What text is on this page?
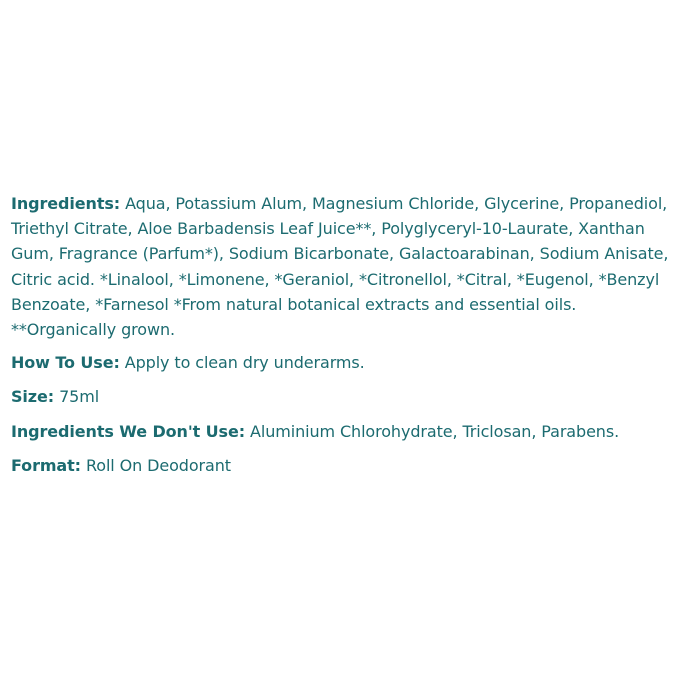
Ingredients: Aqua, Potassium Alum, Magnesium Chloride, Glycerine, Propanediol, Triethyl Citrate, Aloe Barbadensis Leaf Juice**, Polyglyceryl-10-Laurate, Xanthan Gum, Fragrance (Parfum*), Sodium Bicarbonate, Galactoarabinan, Sodium Anisate, Citric acid. *Linalool, *Limonene, *Geraniol, *Citronellol, *Citral, *Eugenol, *Benzyl Benzoate, *Farnesol *From natural botanical extracts and essential oils. **Organically grown.

How To Use: Apply to clean dry underarms.

Size: 75ml

Ingredients We Don't Use: Aluminium Chlorohydrate, Triclosan, Parabens.

Format: Roll On Deodorant
